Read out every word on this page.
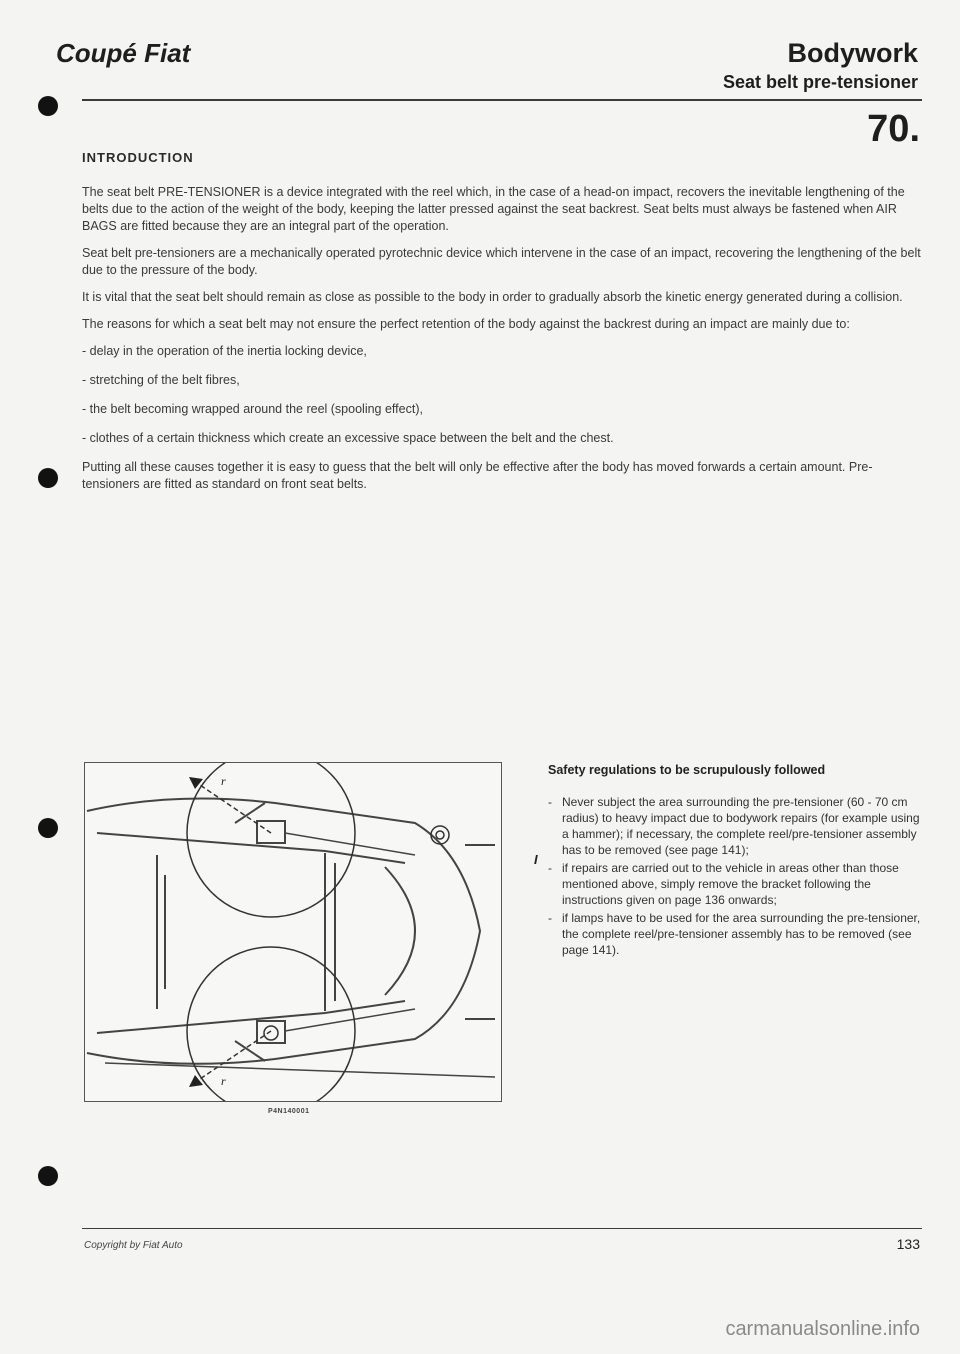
Coupé Fiat	Bodywork
Seat belt pre-tensioner
70.
INTRODUCTION

The seat belt PRE-TENSIONER is a device integrated with the reel which, in the case of a head-on impact, recovers the inevitable lengthening of the belts due to the action of the weight of the body, keeping the latter pressed against the seat backrest. Seat belts must always be fastened when AIR BAGS are fitted because they are an integral part of the operation.

Seat belt pre-tensioners are a mechanically operated pyrotechnic device which intervene in the case of an impact, recovering the lengthening of the belt due to the pressure of the body.

It is vital that the seat belt should remain as close as possible to the body in order to gradually absorb the kinetic energy generated during a collision.

The reasons for which a seat belt may not ensure the perfect retention of the body against the backrest during an impact are mainly due to:

- delay in the operation of the inertia locking device,
- stretching of the belt fibres,
- the belt becoming wrapped around the reel (spooling effect),
- clothes of a certain thickness which create an excessive space between the belt and the chest.

Putting all these causes together it is easy to guess that the belt will only be effective after the body has moved forwards a certain amount. Pre-tensioners are fitted as standard on front seat belts.

r
r
P4N140001
I
Safety regulations to be scrupulously followed
- Never subject the area surrounding the pre-tensioner (60 - 70 cm radius) to heavy impact due to bodywork repairs (for example using a hammer); if necessary, the complete reel/pre-tensioner assembly has to be removed (see page 141);
- if repairs are carried out to the vehicle in areas other than those mentioned above, simply remove the bracket following the instructions given on page 136 onwards;
- if lamps have to be used for the area surrounding the pre-tensioner, the complete reel/pre-tensioner assembly has to be removed (see page 141).
Copyright by Fiat Auto	133
carmanualsonline.info
